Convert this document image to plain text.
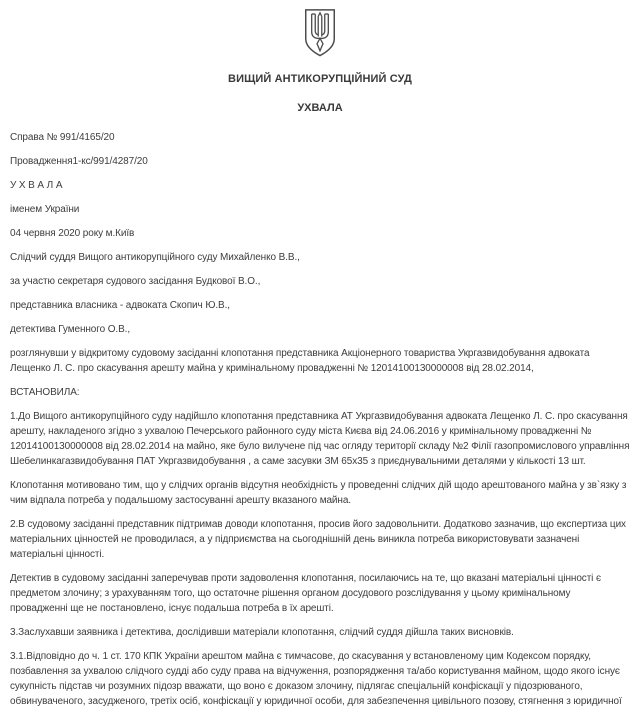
ВИЩИЙ АНТИКОРУПЦІЙНИЙ СУД
УХВАЛА

Справа № 991/4165/20

Провадження1-кс/991/4287/20

У Х В А Л А

іменем України

04 червня 2020 року м.Київ

Слідчий суддя Вищого антикорупційного суду Михайленко В.В.,

за участю секретаря судового засідання Будкової В.О.,

представника власника - адвоката Скопич Ю.В.,

детектива Гуменного О.В.,

розглянувши у відкритому судовому засіданні клопотання представника Акціонерного товариства Укргазвидобування адвоката Лещенко Л. С. про скасування арешту майна у кримінальному провадженні № 12014100130000008 від 28.02.2014,

ВСТАНОВИЛА:

1.До Вищого антикорупційного суду надійшло клопотання представника АТ Укргазвидобування адвоката Лещенко Л. С. про скасування арешту, накладеного згідно з ухвалою Печерського районного суду міста Києва від 24.06.2016 у кримінальному провадженні № 12014100130000008 від 28.02.2014 на майно, яке було вилучене під час огляду території складу №2 Філії газопромислового управління Шебелинкагазвидобування ПАТ Укргазвидобування , а саме засувки ЗМ 65х35 з приєднувальними деталями у кількості 13 шт.

Клопотання мотивовано тим, що у слідчих органів відсутня необхідність у проведенні слідчих дій щодо арештованого майна у зв`язку з чим відпала потреба у подальшому застосуванні арешту вказаного майна.

2.В судовому засіданні представник підтримав доводи клопотання, просив його задовольнити. Додатково зазначив, що експертиза цих матеріальних цінностей не проводилася, а у підприємства на сьогоднішній день виникла потреба використовувати зазначені матеріальні цінності.

Детектив в судовому засіданні заперечував проти задоволення клопотання, посилаючись на те, що вказані матеріальні цінності є предметом злочину; з урахуванням того, що остаточне рішення органом досудового розслідування у цьому кримінальному провадженні ще не постановлено, існує подальша потреба в їх арешті.

3.Заслухавши заявника і детектива, дослідивши матеріали клопотання, слідчий суддя дійшла таких висновків.

3.1.Відповідно до ч. 1 ст. 170 КПК України арештом майна є тимчасове, до скасування у встановленому цим Кодексом порядку, позбавлення за ухвалою слідчого судді або суду права на відчуження, розпорядження та/або користування майном, щодо якого існує сукупність підстав чи розумних підозр вважати, що воно є доказом злочину, підлягає спеціальній конфіскації у підозрюваного, обвинуваченого, засудженого, третіх осіб, конфіскації у юридичної особи, для забезпечення цивільного позову, стягнення з юридичної
